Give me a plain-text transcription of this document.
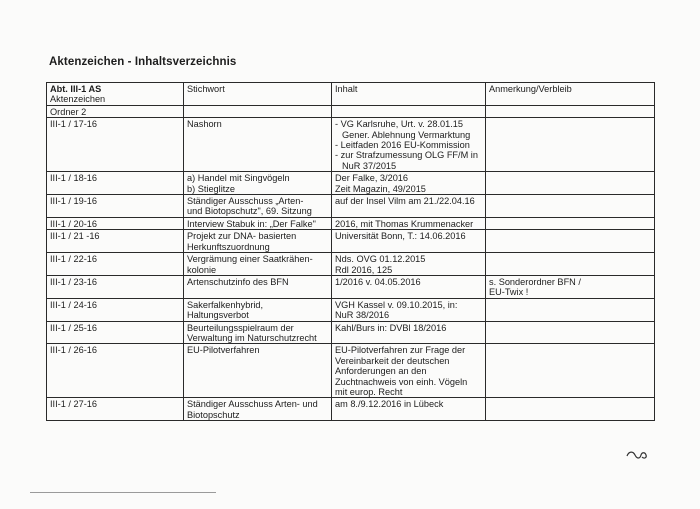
Aktenzeichen - Inhaltsverzeichnis
Abt. III-1 AS
Aktenzeichen	Stichwort	Inhalt	Anmerkung/Verbleib
Ordner 2			
III-1 / 17-16	Nashorn	- VG Karlsruhe, Urt. v. 28.01.15
Gener. Ablehnung Vermarktung
- Leitfaden 2016 EU-Kommission
- zur Strafzumessung OLG FF/M in
NuR 37/2015	

III-1 / 18-16	a) Handel mit Singvögeln
b) Stieglitze	Der Falke, 3/2016
Zeit Magazin, 49/2015	

III-1 / 19-16	Ständiger Ausschuss „Arten-
und Biotopschutz", 69. Sitzung	auf der Insel Vilm am 21./22.04.16	

III-1 / 20-16	Interview Stabuk in: „Der Falke"	2016, mit Thomas Krummenacker	

III-1 / 21 -16	Projekt zur DNA- basierten
Herkunftszuordnung	Universität Bonn, T.: 14.06.2016	

III-1 / 22-16	Vergrämung einer Saatkrähen-
kolonie	Nds. OVG 01.12.2015
Rdl 2016, 125	

III-1 / 23-16	Artenschutzinfo des BFN	1/2016 v. 04.05.2016	s. Sonderordner BFN /
EU-Twix !

III-1 / 24-16	Sakerfalkenhybrid,
Haltungsverbot	VGH Kassel v. 09.10.2015, in:
NuR 38/2016	

III-1 / 25-16	Beurteilungsspielraum der
Verwaltung im Naturschutzrecht	Kahl/Burs in: DVBl 18/2016	

III-1 / 26-16	EU-Pilotverfahren	EU-Pilotverfahren zur Frage der
Vereinbarkeit der deutschen
Anforderungen an den
Zuchtnachweis von einh. Vögeln
mit europ. Recht	

III-1 / 27-16	Ständiger Ausschuss Arten- und
Biotopschutz	am 8./9.12.2016 in Lübeck	
